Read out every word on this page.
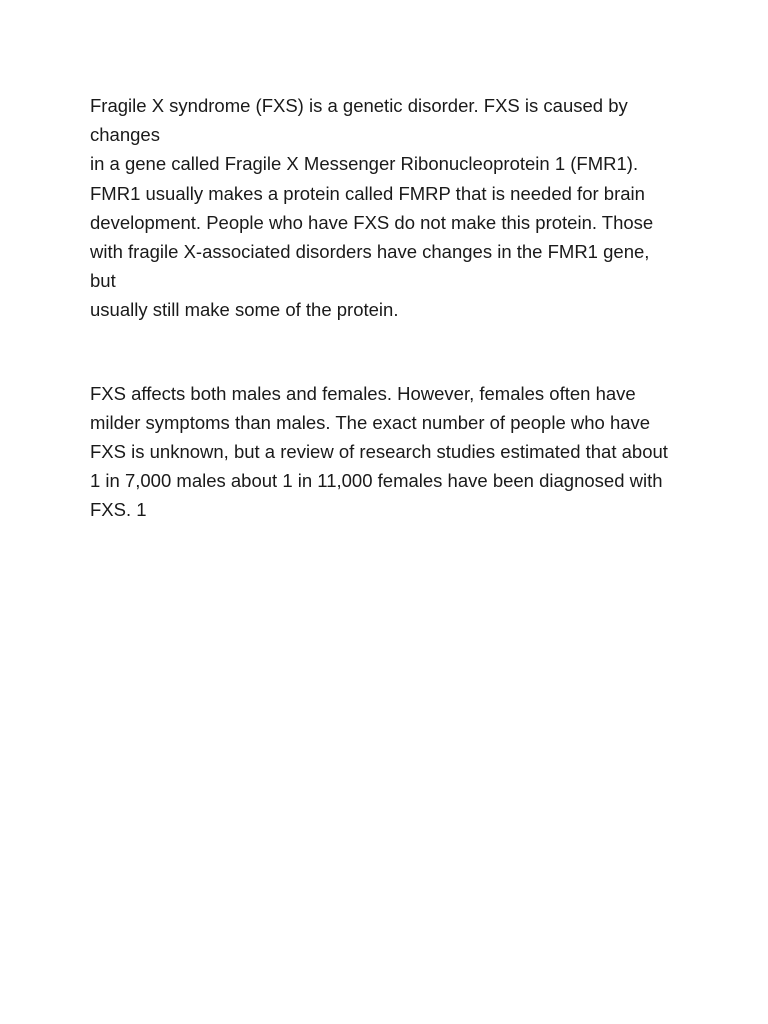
Fragile X syndrome (FXS) is a genetic disorder. FXS is caused by changes
in a gene called Fragile X Messenger Ribonucleoprotein 1 (FMR1).
FMR1 usually makes a protein called FMRP that is needed for brain
development. People who have FXS do not make this protein. Those
with fragile X-associated disorders have changes in the FMR1 gene, but
usually still make some of the protein.

FXS affects both males and females. However, females often have
milder symptoms than males. The exact number of people who have
FXS is unknown, but a review of research studies estimated that about
1 in 7,000 males about 1 in 11,000 females have been diagnosed with
FXS. 1
